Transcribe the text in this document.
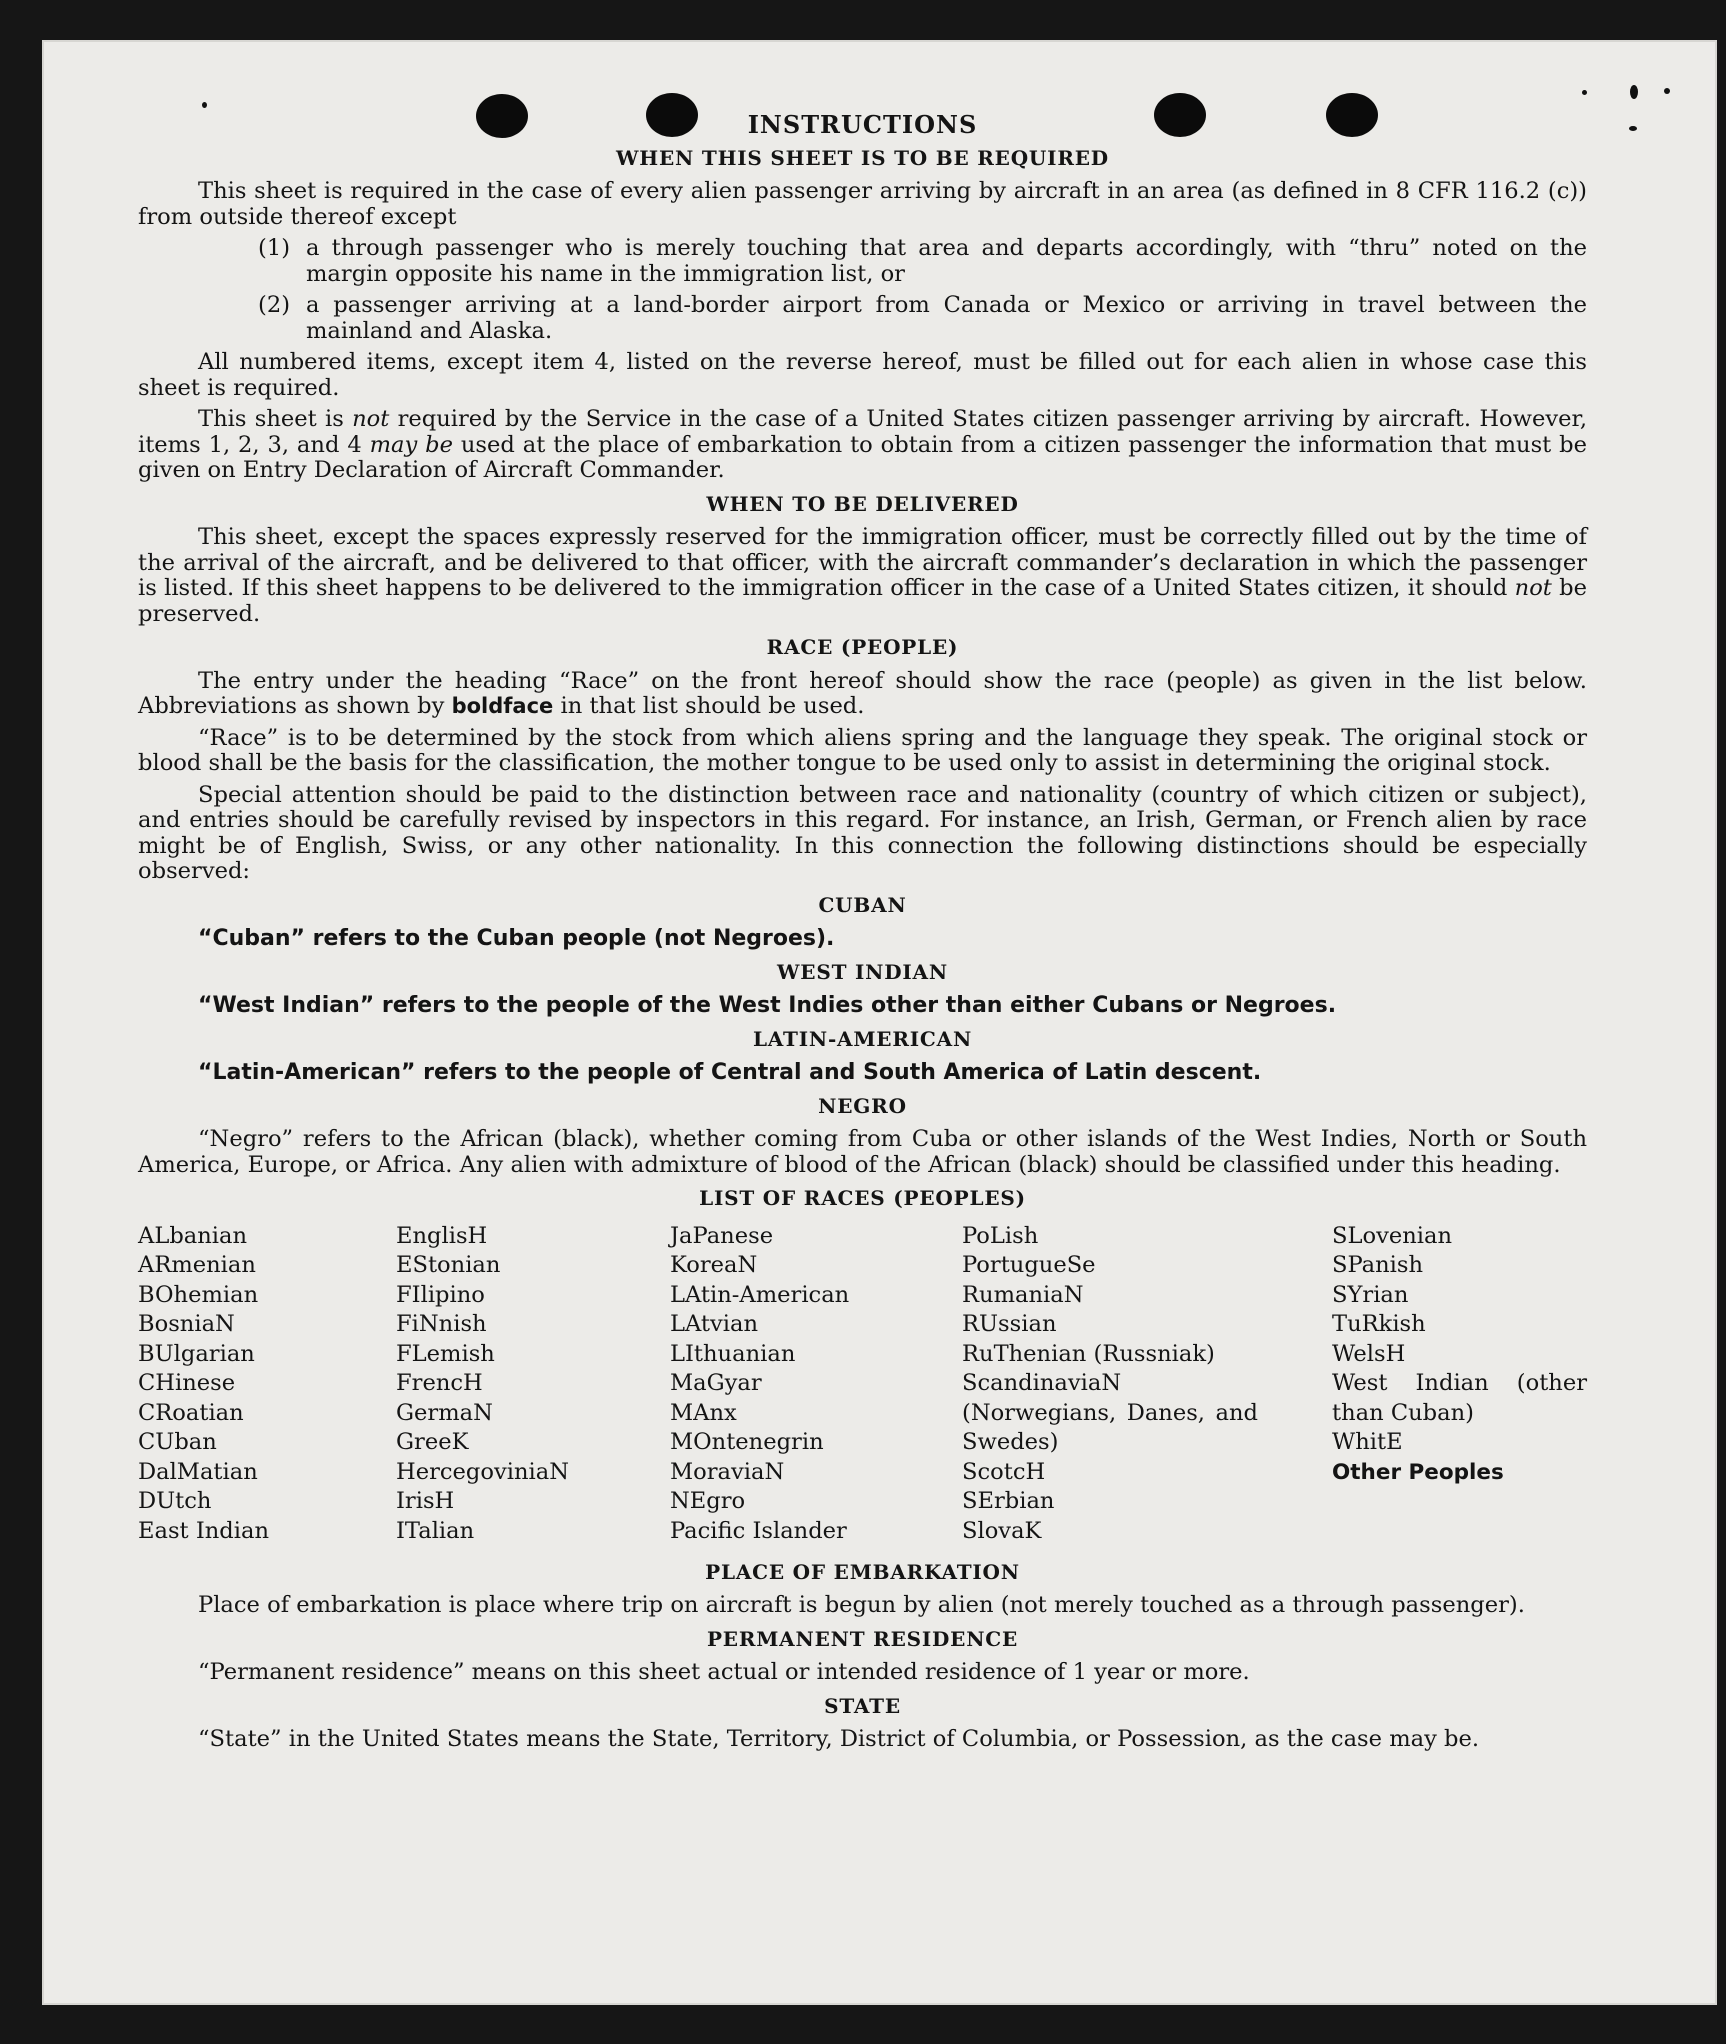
INSTRUCTIONS
WHEN THIS SHEET IS TO BE REQUIRED

This sheet is required in the case of every alien passenger arriving by aircraft in an area (as defined in 8 CFR 116.2 (c)) from outside thereof except

(1) a through passenger who is merely touching that area and departs accordingly, with “thru” noted on the margin opposite his name in the immigration list, or
(2) a passenger arriving at a land-border airport from Canada or Mexico or arriving in travel between the mainland and Alaska.

All numbered items, except item 4, listed on the reverse hereof, must be filled out for each alien in whose case this sheet is required.

This sheet is not required by the Service in the case of a United States citizen passenger arriving by aircraft. However, items 1, 2, 3, and 4 may be used at the place of embarkation to obtain from a citizen passenger the information that must be given on Entry Declaration of Aircraft Commander.

WHEN TO BE DELIVERED

This sheet, except the spaces expressly reserved for the immigration officer, must be correctly filled out by the time of the arrival of the aircraft, and be delivered to that officer, with the aircraft commander’s declaration in which the passenger is listed. If this sheet happens to be delivered to the immigration officer in the case of a United States citizen, it should not be preserved.

RACE (PEOPLE)

The entry under the heading “Race” on the front hereof should show the race (people) as given in the list below. Abbreviations as shown by boldface in that list should be used.

“Race” is to be determined by the stock from which aliens spring and the language they speak. The original stock or blood shall be the basis for the classification, the mother tongue to be used only to assist in determining the original stock.

Special attention should be paid to the distinction between race and nationality (country of which citizen or subject), and entries should be carefully revised by inspectors in this regard. For instance, an Irish, German, or French alien by race might be of English, Swiss, or any other nationality. In this connection the following distinctions should be especially observed:

CUBAN
“Cuban” refers to the Cuban people (not Negroes).
WEST INDIAN
“West Indian” refers to the people of the West Indies other than either Cubans or Negroes.
LATIN-AMERICAN
“Latin-American” refers to the people of Central and South America of Latin descent.
NEGRO
“Negro” refers to the African (black), whether coming from Cuba or other islands of the West Indies, North or South America, Europe, or Africa. Any alien with admixture of blood of the African (black) should be classified under this heading.
LIST OF RACES (PEOPLES)
ALbanian
ARmenian
BOhemian
BosniaN
BUlgarian
CHinese
CRoatian
CUban
DalMatian
DUtch
East Indian
EnglisH
EStonian
FIlipino
FiNnish
FLemish
FrencH
GermaN
GreeK
HercegoviniaN
IrisH
ITalian
JaPanese
KoreaN
LAtin-American
LAtvian
LIthuanian
MaGyar
MAnx
MOntenegrin
MoraviaN
NEgro
Pacific Islander
PoLish
PortugueSe
RumaniaN
RUssian
RuThenian (Russniak)
ScandinaviaN (Norwegians, Danes, and Swedes)
ScotcH
SErbian
SlovaK
SLovenian
SPanish
SYrian
TuRkish
WelsH
West Indian (other than Cuban)
WhitE
Other Peoples
PLACE OF EMBARKATION

Place of embarkation is place where trip on aircraft is begun by alien (not merely touched as a through passenger).

PERMANENT RESIDENCE

“Permanent residence” means on this sheet actual or intended residence of 1 year or more.

STATE

“State” in the United States means the State, Territory, District of Columbia, or Possession, as the case may be.
